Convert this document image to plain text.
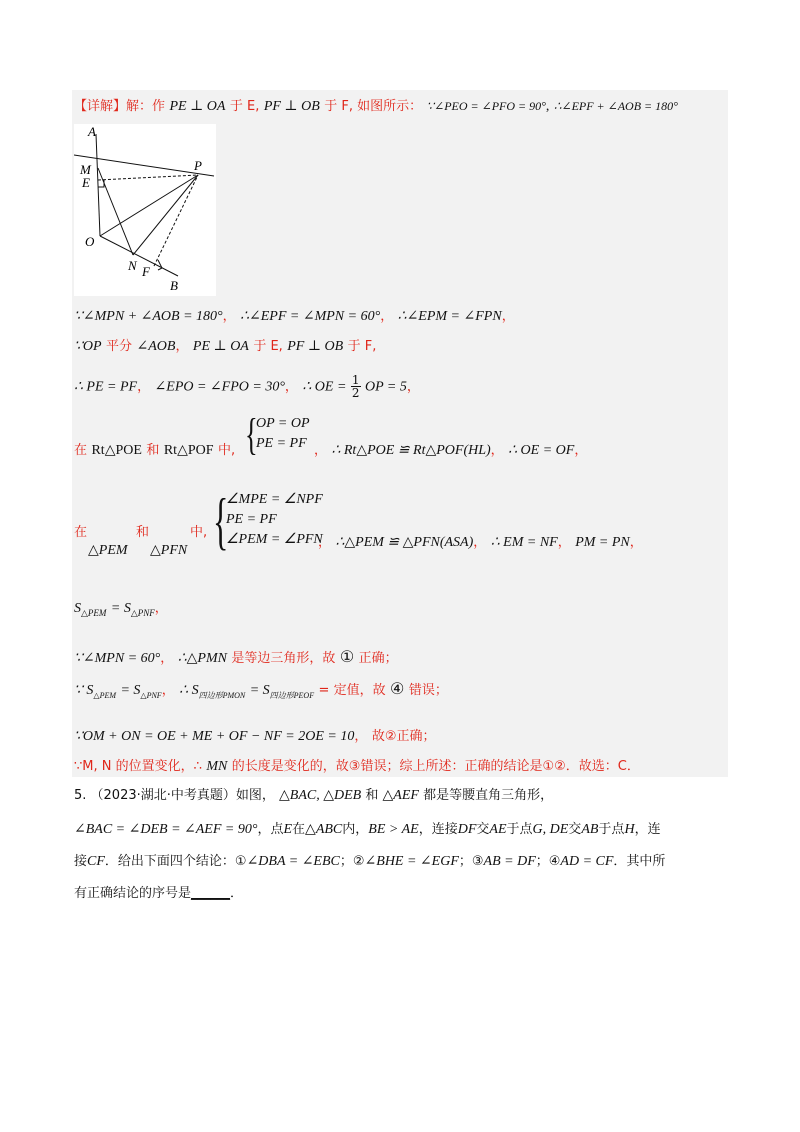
【详解】解：作 PE ⊥ OA 于 E, PF ⊥ OB 于 F, 如图所示： ∵∠PEO = ∠PFO = 90°, ∴∠EPF + ∠AOB = 180°
A
M
E
P
O
N F
B
∵∠MPN + ∠AOB = 180°， ∴∠EPF = ∠MPN = 60°， ∴∠EPM = ∠FPN，
∵OP 平分 ∠AOB， PE ⊥ OA 于 E, PF ⊥ OB 于 F,
∴ PE = PF， ∠EPO = ∠FPO = 30°， ∴ OE = $\frac{1}{2}$ OP = 5，
在 Rt△POE 和 Rt△POF 中, {
OP = OP
PE = PF ， ∴ Rt△POE ≌ Rt△POF(HL)， ∴ OE = OF，
在
△PEM
和
△PFN
中, {
∠MPE = ∠NPF
PE = PF
∠PEM = ∠PFN
， ∴△PEM ≌ △PFN(ASA)， ∴ EM = NF， PM = PN，
$S_{\triangle PEM} = S_{\triangle PNF}$，
∵∠MPN = 60°， ∴△PMN 是等边三角形，故 ① 正确；
∵ $S_{\triangle PEM} = S_{\triangle PNF}$， ∴ $S_{四边形PMON} = S_{四边形PEOF}$ = 定值，故 ④ 错误；
∵OM + ON = OE + ME + OF − NF = 2OE = 10， 故②正确；
∵M, N 的位置变化，∴ MN 的长度是变化的，故③错误；综上所述：正确的结论是①②．故选：C．
5. （2023·湖北·中考真题）如图， △BAC, △DEB 和 △AEF 都是等腰直角三角形，
∠BAC = ∠DEB = ∠AEF = 90°，点E在△ABC内，BE > AE，连接DF交AE于点G, DE交AB于点H，连
接CF．给出下面四个结论：①∠DBA = ∠EBC；②∠BHE = ∠EGF；③AB = DF；④AD = CF．其中所
有正确结论的序号是______．
